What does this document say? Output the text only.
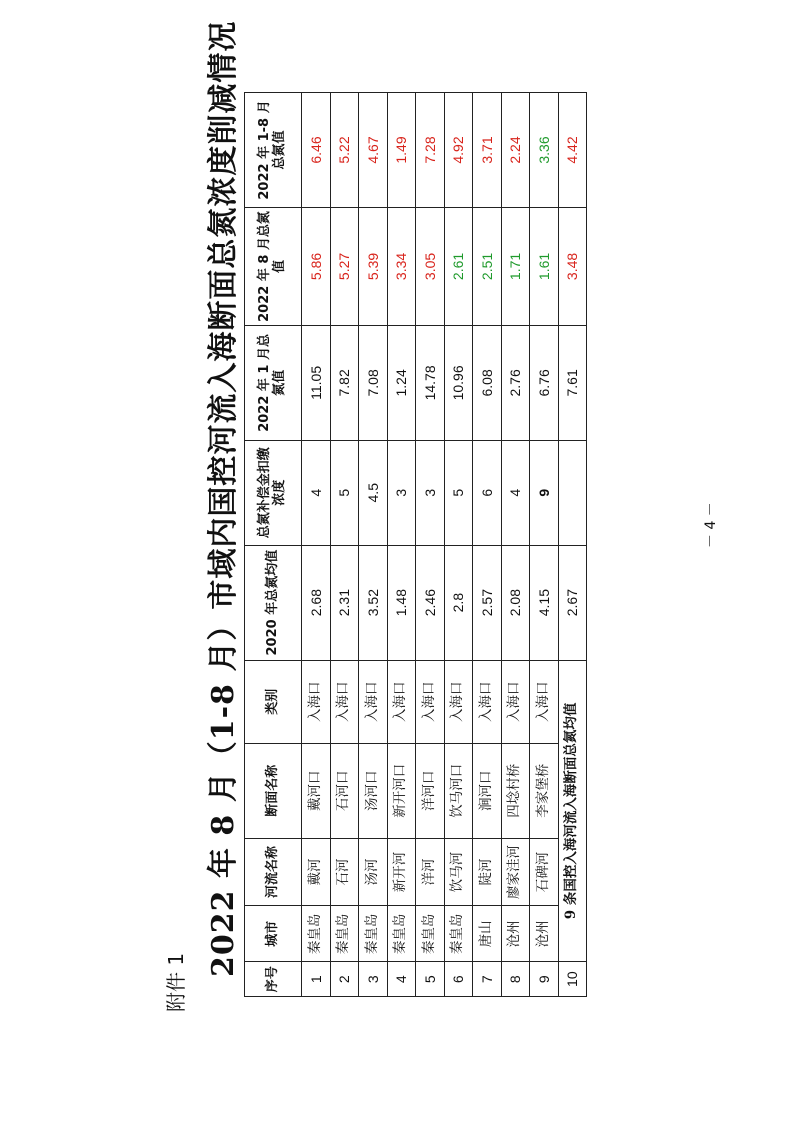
附件 1
2022 年 8 月（1-8 月）市域内国控河流入海断面总氮浓度削减情况
序号	城市	河流名称	断面名称	类别	2020 年总氮均值	总氮补偿金扣缴浓度	2022 年 1 月总氮值	2022 年 8 月总氮值	2022 年 1-8 月总氮值
1	秦皇岛	戴河	戴河口	入海口	2.68	4	11.05	5.86	6.46
2	秦皇岛	石河	石河口	入海口	2.31	5	7.82	5.27	5.22
3	秦皇岛	汤河	汤河口	入海口	3.52	4.5	7.08	5.39	4.67
4	秦皇岛	新开河	新开河口	入海口	1.48	3	1.24	3.34	1.49
5	秦皇岛	洋河	洋河口	入海口	2.46	3	14.78	3.05	7.28
6	秦皇岛	饮马河	饮马河口	入海口	2.8	5	10.96	2.61	4.92
7	唐山	陡河	涧河口	入海口	2.57	6	6.08	2.51	3.71
8	沧州	廖家洼河	四埝村桥	入海口	2.08	4	2.76	1.71	2.24
9	沧州	石碑河	李家堡桥	入海口	4.15	9	6.76	1.61	3.36
10	9 条国控入海河流入海断面总氮均值				2.67		7.61	3.48	4.42
－ 4 －
